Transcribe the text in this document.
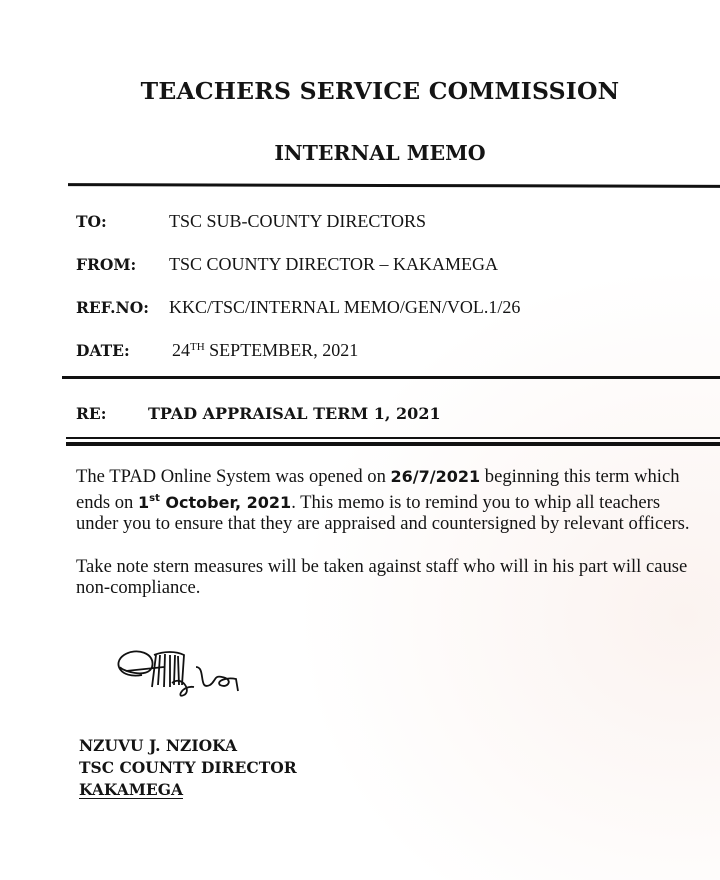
TEACHERS SERVICE COMMISSION
INTERNAL MEMO
TO:	TSC SUB-COUNTY DIRECTORS
FROM: TSC COUNTY DIRECTOR – KAKAMEGA
REF.NO: KKC/TSC/INTERNAL MEMO/GEN/VOL.1/26
DATE: 24TH SEPTEMBER, 2021
RE:	TPAD APPRAISAL TERM 1, 2021

The TPAD Online System was opened on 26/7/2021 beginning this term which ends on 1st October, 2021. This memo is to remind you to whip all teachers under you to ensure that they are appraised and countersigned by relevant officers.

Take note stern measures will be taken against staff who will in his part will cause non-compliance.

NZUVU J. NZIOKA
TSC COUNTY DIRECTOR
KAKAMEGA
